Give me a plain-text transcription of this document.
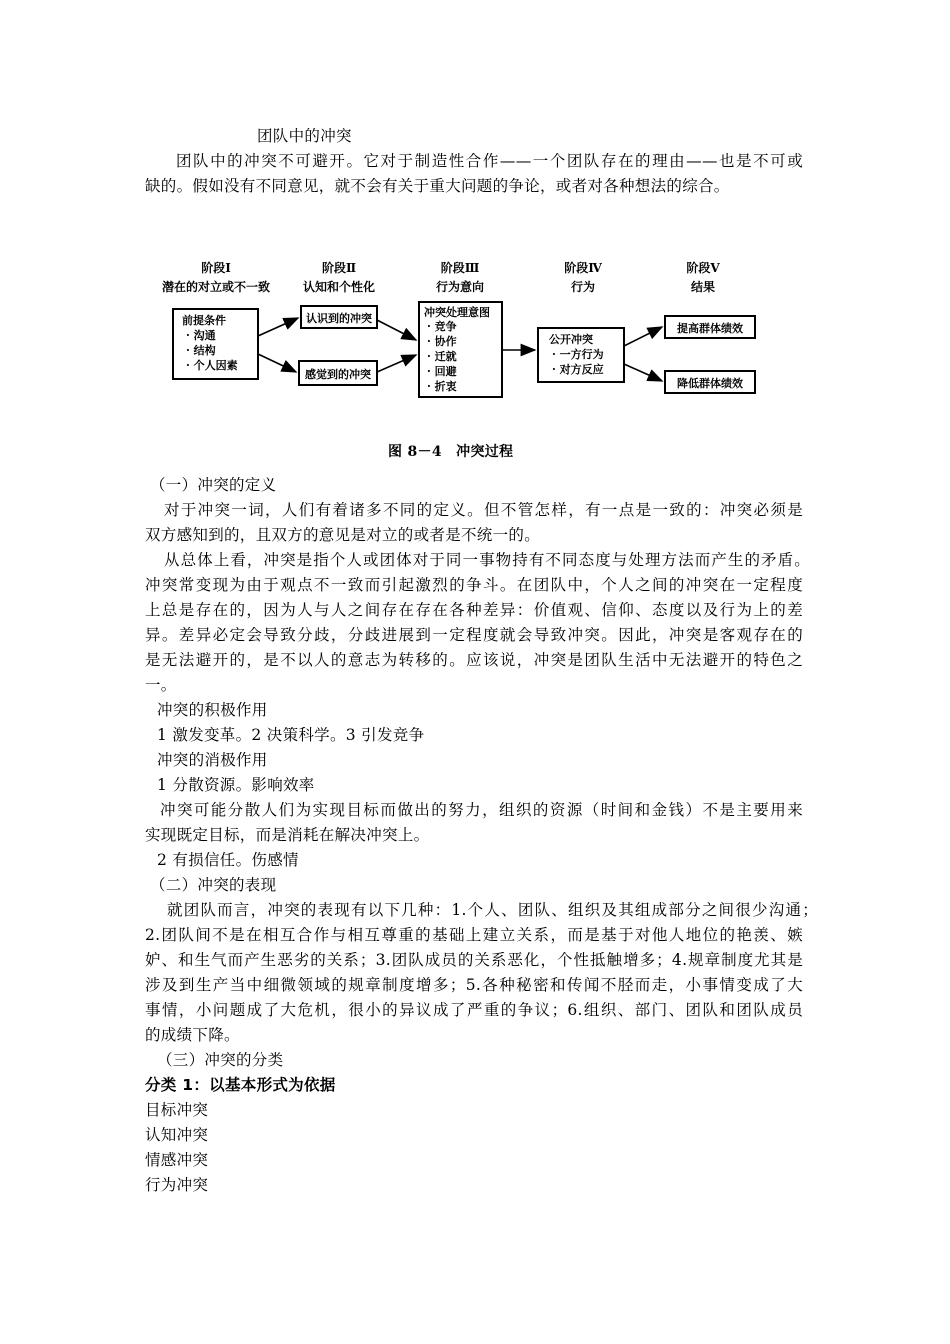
团队中的冲突
团队中的冲突不可避开。它对于制造性合作——一个团队存在的理由——也是不可或
缺的。假如没有不同意见，就不会有关于重大问题的争论，或者对各种想法的综合。
阶段Ⅰ
潜在的对立或不一致
阶段Ⅱ
认知和个性化
阶段Ⅲ
行为意向
阶段Ⅳ
行为
阶段Ⅴ
结果
前提条件
· 沟通
· 结构
· 个人因素
认识到的冲突
感觉到的冲突
冲突处理意图
· 竞争
· 协作
· 迁就
· 回避
· 折衷
公开冲突
· 一方行为
· 对方反应
提高群体绩效
降低群体绩效
图 8－4　冲突过程
（一）冲突的定义
对于冲突一词，人们有着诸多不同的定义。但不管怎样，有一点是一致的：冲突必须是
双方感知到的，且双方的意见是对立的或者是不统一的。
从总体上看，冲突是指个人或团体对于同一事物持有不同态度与处理方法而产生的矛盾。
冲突常变现为由于观点不一致而引起激烈的争斗。在团队中，个人之间的冲突在一定程度
上总是存在的，因为人与人之间存在存在各种差异：价值观、信仰、态度以及行为上的差
异。差异必定会导致分歧，分歧进展到一定程度就会导致冲突。因此，冲突是客观存在的
是无法避开的，是不以人的意志为转移的。应该说，冲突是团队生活中无法避开的特色之
一。
冲突的积极作用
1 激发变革。2 决策科学。3 引发竞争
冲突的消极作用
1 分散资源。影响效率
冲突可能分散人们为实现目标而做出的努力，组织的资源（时间和金钱）不是主要用来
实现既定目标，而是消耗在解决冲突上。
2 有损信任。伤感情
（二）冲突的表现
就团队而言，冲突的表现有以下几种：1.个人、团队、组织及其组成部分之间很少沟通；
2.团队间不是在相互合作与相互尊重的基础上建立关系，而是基于对他人地位的艳羡、嫉
妒、和生气而产生恶劣的关系；3.团队成员的关系恶化，个性抵触增多；4.规章制度尤其是
涉及到生产当中细微领域的规章制度增多；5.各种秘密和传闻不胫而走，小事情变成了大
事情，小问题成了大危机，很小的异议成了严重的争议；6.组织、部门、团队和团队成员
的成绩下降。
（三）冲突的分类
分类 1：以基本形式为依据
目标冲突
认知冲突
情感冲突
行为冲突
